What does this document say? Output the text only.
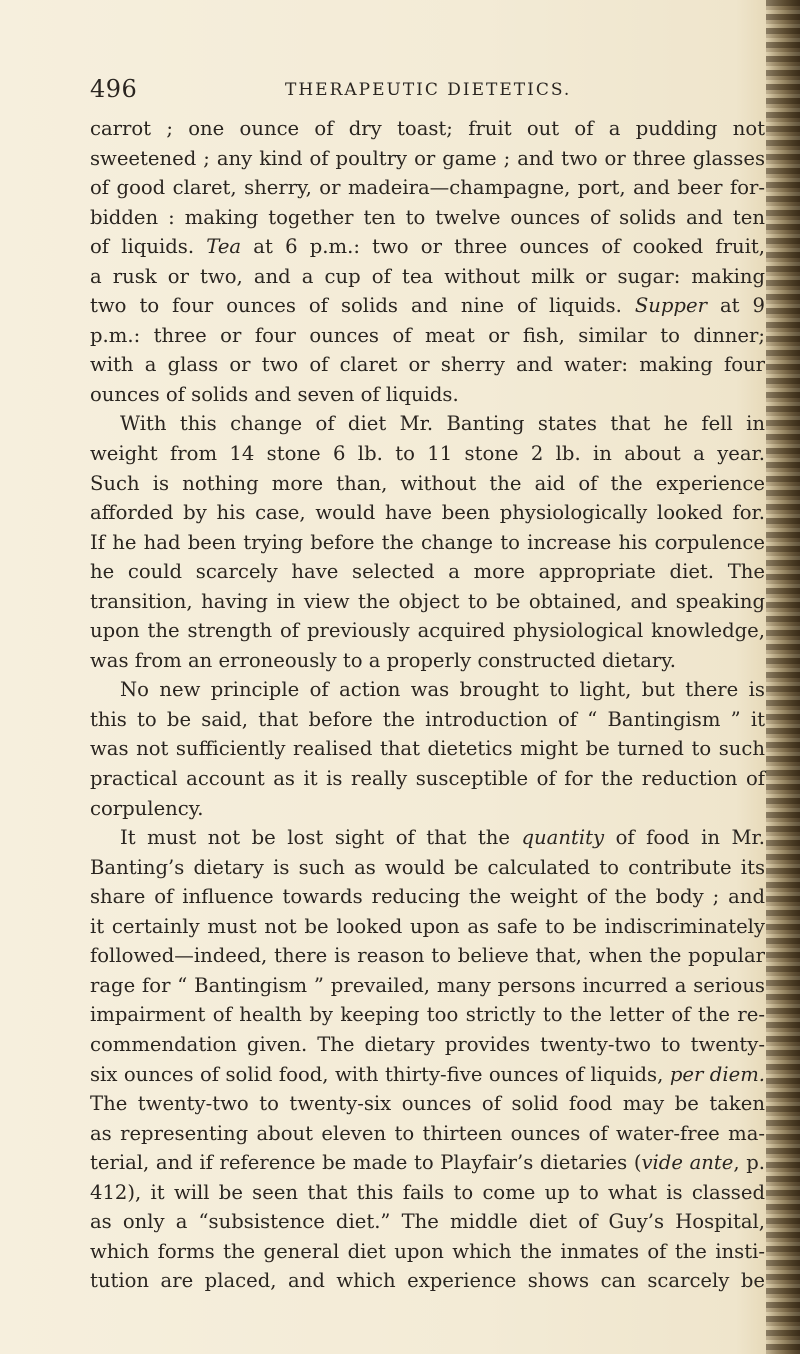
496	THERAPEUTIC DIETETICS.
carrot ; one ounce of dry toast; fruit out of a pudding not
sweetened ; any kind of poultry or game ; and two or three glasses
of good claret, sherry, or madeira—champagne, port, and beer for-
bidden : making together ten to twelve ounces of solids and ten
of liquids. Tea at 6 p.m.: two or three ounces of cooked fruit,
a rusk or two, and a cup of tea without milk or sugar: making
two to four ounces of solids and nine of liquids. Supper at 9
p.m.: three or four ounces of meat or fish, similar to dinner;
with a glass or two of claret or sherry and water: making four
ounces of solids and seven of liquids.
With this change of diet Mr. Banting states that he fell in
weight from 14 stone 6 lb. to 11 stone 2 lb. in about a year.
Such is nothing more than, without the aid of the experience
afforded by his case, would have been physiologically looked for.
If he had been trying before the change to increase his corpulence
he could scarcely have selected a more appropriate diet. The
transition, having in view the object to be obtained, and speaking
upon the strength of previously acquired physiological knowledge,
was from an erroneously to a properly constructed dietary.
No new principle of action was brought to light, but there is
this to be said, that before the introduction of “ Bantingism ” it
was not sufficiently realised that dietetics might be turned to such
practical account as it is really susceptible of for the reduction of
corpulency.
It must not be lost sight of that the quantity of food in Mr.
Banting’s dietary is such as would be calculated to contribute its
share of influence towards reducing the weight of the body ; and
it certainly must not be looked upon as safe to be indiscriminately
followed—indeed, there is reason to believe that, when the popular
rage for “ Bantingism ” prevailed, many persons incurred a serious
impairment of health by keeping too strictly to the letter of the re-
commendation given. The dietary provides twenty-two to twenty-
six ounces of solid food, with thirty-five ounces of liquids, per diem.
The twenty-two to twenty-six ounces of solid food may be taken
as representing about eleven to thirteen ounces of water-free ma-
terial, and if reference be made to Playfair’s dietaries (vide ante, p.
412), it will be seen that this fails to come up to what is classed
as only a “subsistence diet.” The middle diet of Guy’s Hospital,
which forms the general diet upon which the inmates of the insti-
tution are placed, and which experience shows can scarcely be
